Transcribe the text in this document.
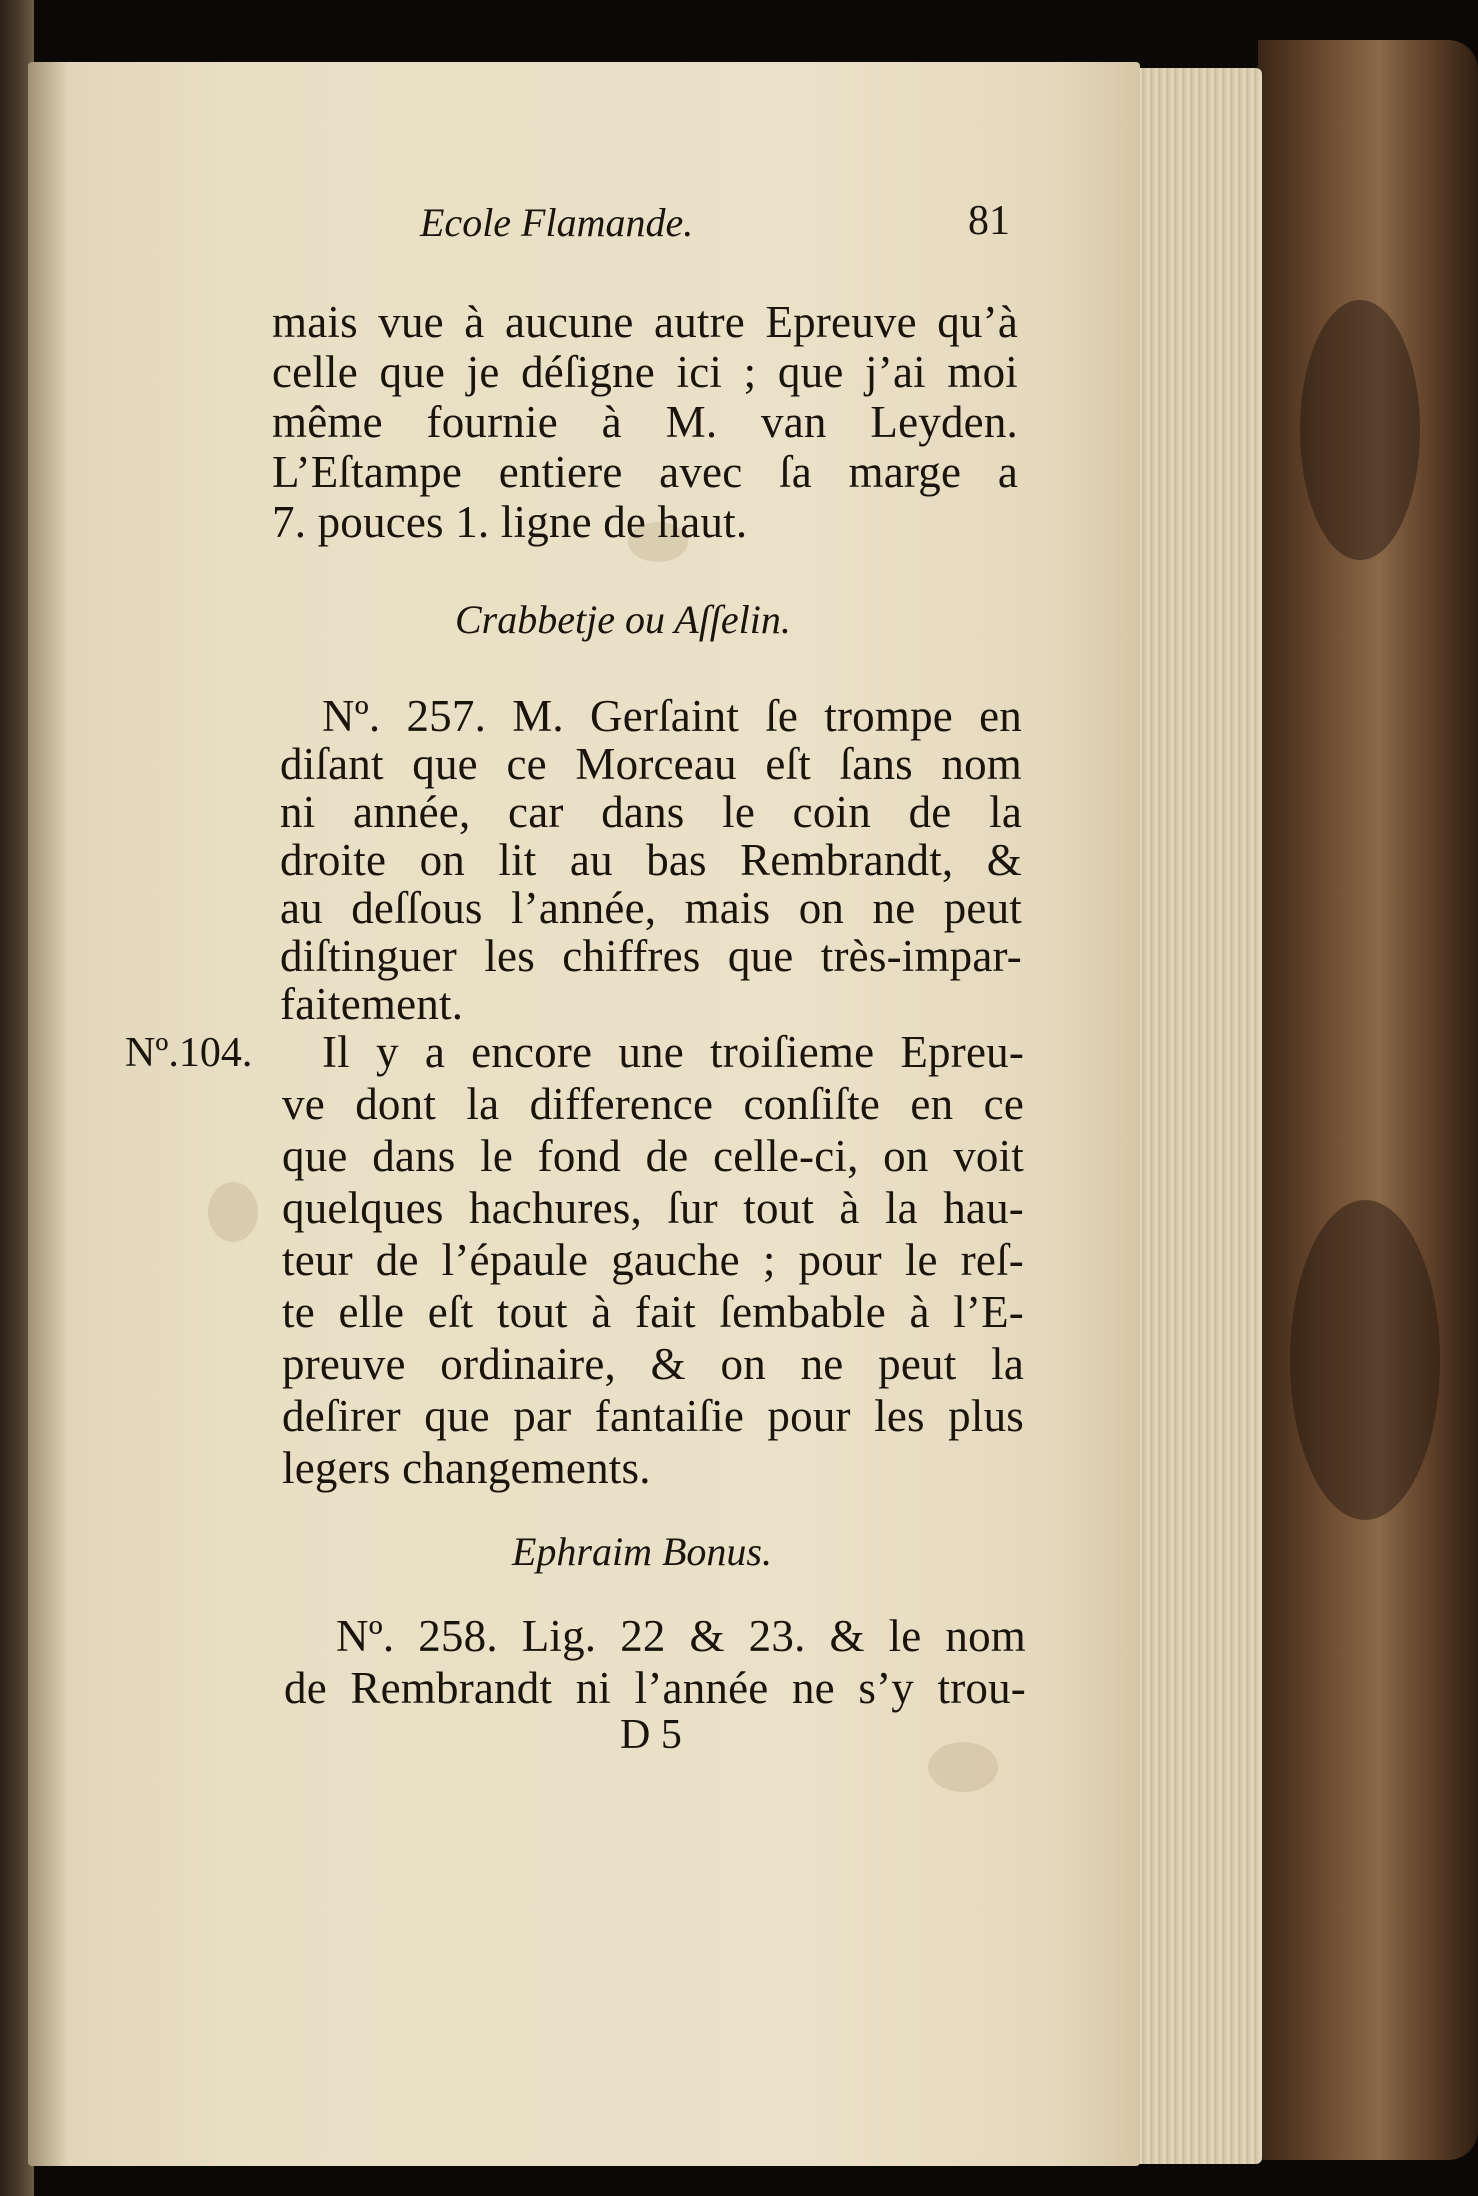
Ecole Flamande.	81
mais vue à aucune autre Epreuve qu’à
celle que je déſigne ici ; que j’ai moi
même fournie à M. van Leyden.
L’Eſtampe entiere avec ſa marge a
7. pouces 1. ligne de haut.
Crabbetje ou Aſſelin.
Nº. 257. M. Gerſaint ſe trompe en
diſant que ce Morceau eſt ſans nom
ni année, car dans le coin de la
droite on lit au bas Rembrandt, &
au deſſous l’année, mais on ne peut
diſtinguer les chiffres que très-impar-
faitement.
Nº.104. Il y a encore une troiſieme Epreu-
ve dont la difference conſiſte en ce
que dans le fond de celle-ci, on voit
quelques hachures, ſur tout à la hau-
teur de l’épaule gauche ; pour le reſ-
te elle eſt tout à fait ſembable à l’E-
preuve ordinaire, & on ne peut la
deſirer que par fantaiſie pour les plus
legers changements.
Ephraim Bonus.
Nº. 258. Lig. 22 & 23. & le nom
de Rembrandt ni l’année ne s’y trou-
D 5
